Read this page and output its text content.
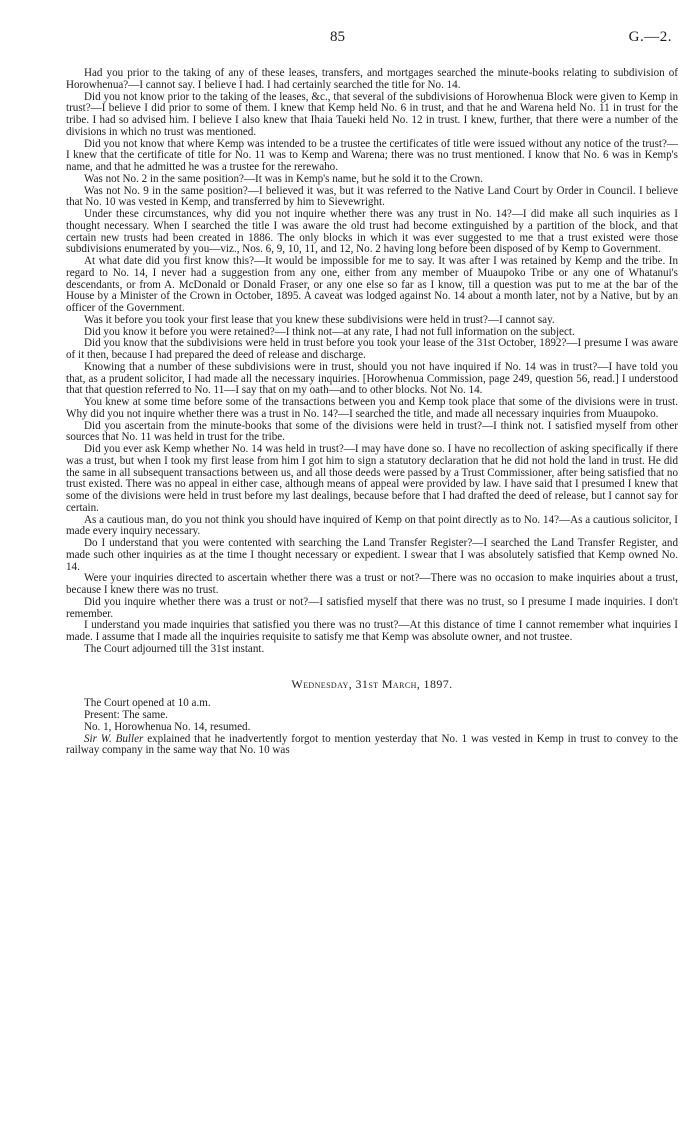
85	G.—2.

Had you prior to the taking of any of these leases, transfers, and mortgages searched the minute-books relating to subdivision of Horowhenua?—I cannot say. I believe I had. I had certainly searched the title for No. 14.

Did you not know prior to the taking of the leases, &c., that several of the subdivisions of Horowhenua Block were given to Kemp in trust?—I believe I did prior to some of them. I knew that Kemp held No. 6 in trust, and that he and Warena held No. 11 in trust for the tribe. I had so advised him. I believe I also knew that Ihaia Taueki held No. 12 in trust. I knew, further, that there were a number of the divisions in which no trust was mentioned.

Did you not know that where Kemp was intended to be a trustee the certificates of title were issued without any notice of the trust?—I knew that the certificate of title for No. 11 was to Kemp and Warena; there was no trust mentioned. I know that No. 6 was in Kemp's name, and that he admitted he was a trustee for the rerewaho.

Was not No. 2 in the same position?—It was in Kemp's name, but he sold it to the Crown.

Was not No. 9 in the same position?—I believed it was, but it was referred to the Native Land Court by Order in Council. I believe that No. 10 was vested in Kemp, and transferred by him to Sievewright.

Under these circumstances, why did you not inquire whether there was any trust in No. 14?—I did make all such inquiries as I thought necessary. When I searched the title I was aware the old trust had become extinguished by a partition of the block, and that certain new trusts had been created in 1886. The only blocks in which it was ever suggested to me that a trust existed were those subdivisions enumerated by you—viz., Nos. 6, 9, 10, 11, and 12, No. 2 having long before been disposed of by Kemp to Government.

At what date did you first know this?—It would be impossible for me to say. It was after I was retained by Kemp and the tribe. In regard to No. 14, I never had a suggestion from any one, either from any member of Muaupoko Tribe or any one of Whatanui's descendants, or from A. McDonald or Donald Fraser, or any one else so far as I know, till a question was put to me at the bar of the House by a Minister of the Crown in October, 1895. A caveat was lodged against No. 14 about a month later, not by a Native, but by an officer of the Government.

Was it before you took your first lease that you knew these subdivisions were held in trust?—I cannot say.

Did you know it before you were retained?—I think not—at any rate, I had not full information on the subject.

Did you know that the subdivisions were held in trust before you took your lease of the 31st October, 1892?—I presume I was aware of it then, because I had prepared the deed of release and discharge.

Knowing that a number of these subdivisions were in trust, should you not have inquired if No. 14 was in trust?—I have told you that, as a prudent solicitor, I had made all the necessary inquiries. [Horowhenua Commission, page 249, question 56, read.] I understood that that question referred to No. 11—I say that on my oath—and to other blocks. Not No. 14.

You knew at some time before some of the transactions between you and Kemp took place that some of the divisions were in trust. Why did you not inquire whether there was a trust in No. 14?—I searched the title, and made all necessary inquiries from Muaupoko.

Did you ascertain from the minute-books that some of the divisions were held in trust?—I think not. I satisfied myself from other sources that No. 11 was held in trust for the tribe.

Did you ever ask Kemp whether No. 14 was held in trust?—I may have done so. I have no recollection of asking specifically if there was a trust, but when I took my first lease from him I got him to sign a statutory declaration that he did not hold the land in trust. He did the same in all subsequent transactions between us, and all those deeds were passed by a Trust Commissioner, after being satisfied that no trust existed. There was no appeal in either case, although means of appeal were provided by law. I have said that I presumed I knew that some of the divisions were held in trust before my last dealings, because before that I had drafted the deed of release, but I cannot say for certain.

As a cautious man, do you not think you should have inquired of Kemp on that point directly as to No. 14?—As a cautious solicitor, I made every inquiry necessary.

Do I understand that you were contented with searching the Land Transfer Register?—I searched the Land Transfer Register, and made such other inquiries as at the time I thought necessary or expedient. I swear that I was absolutely satisfied that Kemp owned No. 14.

Were your inquiries directed to ascertain whether there was a trust or not?—There was no occasion to make inquiries about a trust, because I knew there was no trust.

Did you inquire whether there was a trust or not?—I satisfied myself that there was no trust, so I presume I made inquiries. I don't remember.

I understand you made inquiries that satisfied you there was no trust?—At this distance of time I cannot remember what inquiries I made. I assume that I made all the inquiries requisite to satisfy me that Kemp was absolute owner, and not trustee.

The Court adjourned till the 31st instant.

Wednesday, 31st March, 1897.

The Court opened at 10 a.m.

Present: The same.

No. 1, Horowhenua No. 14, resumed.

Sir W. Buller explained that he inadvertently forgot to mention yesterday that No. 1 was vested in Kemp in trust to convey to the railway company in the same way that No. 10 was
